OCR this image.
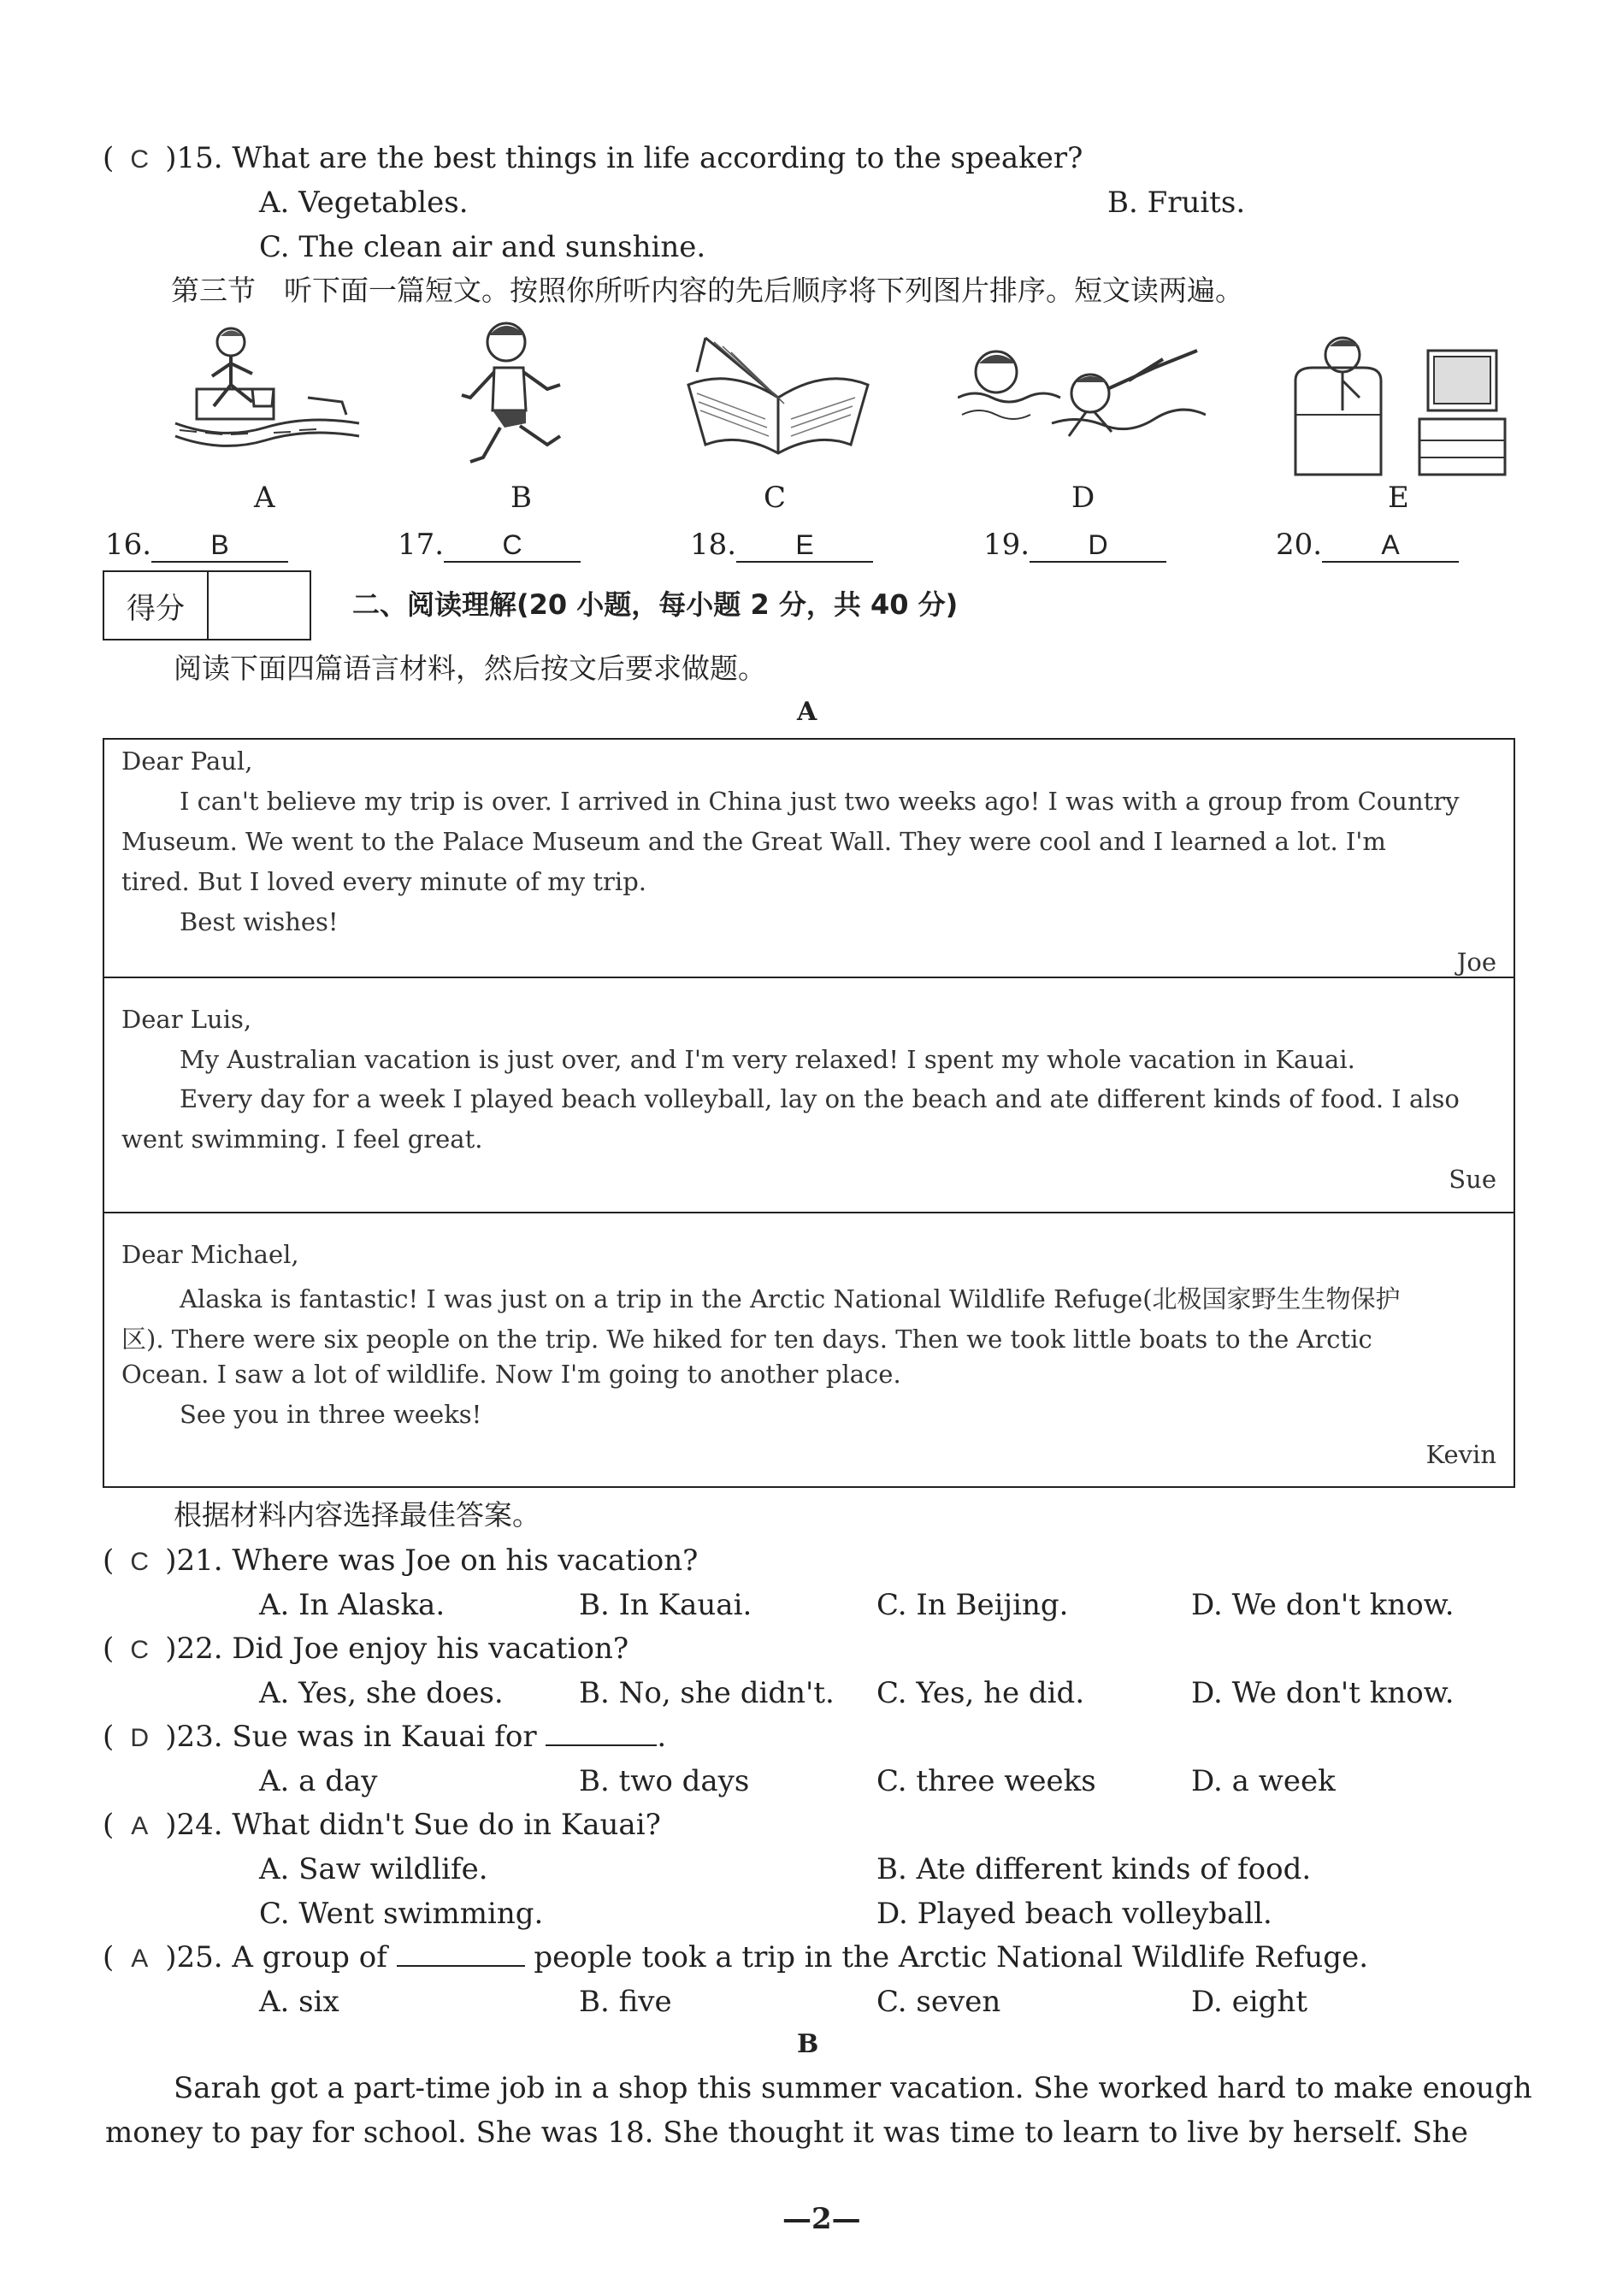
( C )15. What are the best things in life according to the speaker?
A. Vegetables.	B. Fruits.
C. The clean air and sunshine.
第三节　听下面一篇短文。按照你所听内容的先后顺序将下列图片排序。短文读两遍。
A	B	C	D	E
16. B	17. C	18. E	19. D	20. A
得分	二、阅读理解(20 小题，每小题 2 分，共 40 分)
阅读下面四篇语言材料，然后按文后要求做题。
A
Dear Paul,
I can't believe my trip is over. I arrived in China just two weeks ago! I was with a group from Country
Museum. We went to the Palace Museum and the Great Wall. They were cool and I learned a lot. I'm
tired. But I loved every minute of my trip.
Best wishes!
Joe
Dear Luis,
My Australian vacation is just over, and I'm very relaxed! I spent my whole vacation in Kauai.
Every day for a week I played beach volleyball, lay on the beach and ate different kinds of food. I also
went swimming. I feel great.
Sue
Dear Michael,
Alaska is fantastic! I was just on a trip in the Arctic National Wildlife Refuge(北极国家野生生物保护
区). There were six people on the trip. We hiked for ten days. Then we took little boats to the Arctic
Ocean. I saw a lot of wildlife. Now I'm going to another place.
See you in three weeks!
Kevin
根据材料内容选择最佳答案。
( C )21. Where was Joe on his vacation?
A. In Alaska.	B. In Kauai.	C. In Beijing.	D. We don't know.
( C )22. Did Joe enjoy his vacation?
A. Yes, she does.	B. No, she didn't. C. Yes, he did.	D. We don't know.
( D )23. Sue was in Kauai for	.
A. a day	B. two days	C. three weeks	D. a week
( A )24. What didn't Sue do in Kauai?
A. Saw wildlife.	B. Ate different kinds of food.
C. Went swimming.	D. Played beach volleyball.
( A )25. A group of	people took a trip in the Arctic National Wildlife Refuge.
A. six	B. five	C. seven	D. eight
B
Sarah got a part-time job in a shop this summer vacation. She worked hard to make enough
money to pay for school. She was 18. She thought it was time to learn to live by herself. She
—2—
